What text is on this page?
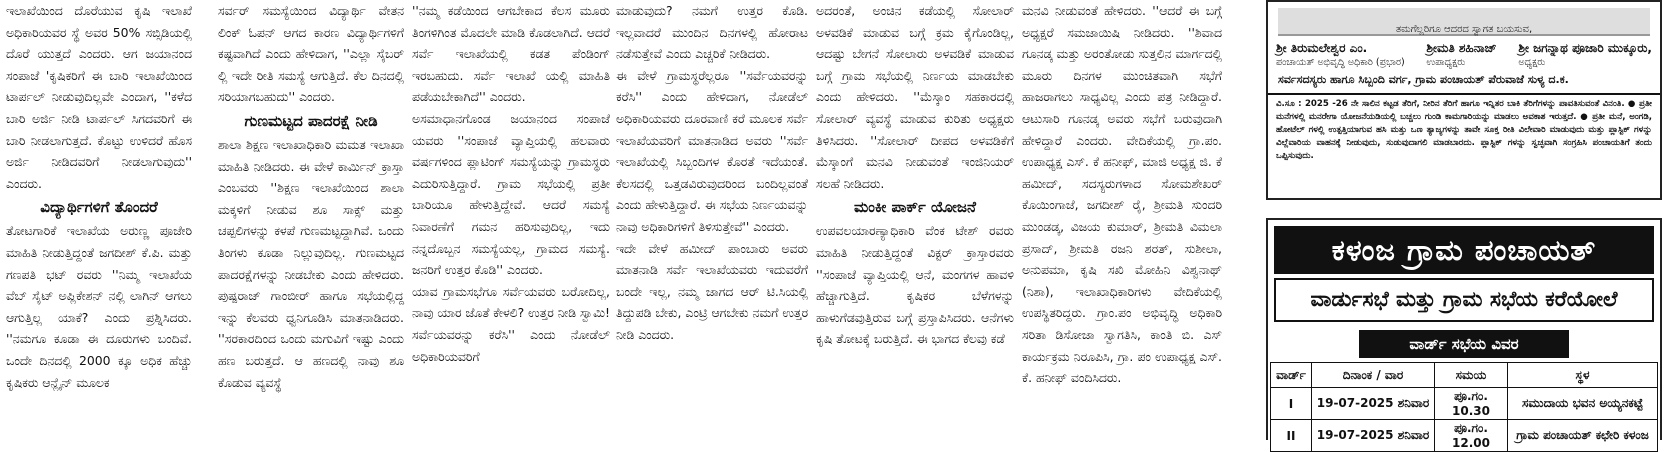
ಇಲಾಖೆಯಿಂದ ದೊರೆಯುವ ಕೃಷಿ ಇಲಾಖೆ ಅಧಿಕಾರಿಯವರ ಸ್ಥೆ ಅವರ 50% ಸಬ್ಸಿಡಿಯಲ್ಲಿ ದೊರೆ ಯುತ್ತದೆ ಎಂದರು. ಆಗ ಜಯಾನಂದ ಸಂಪಾಜೆ 'ಕೃಷಿಕರಿಗೆ ಈ ಬಾರಿ ಇಲಾಖೆಯಿಂದ ಟಾರ್ಪಲ್ ನೀಡುವುದಿಲ್ಲವೇ ಎಂದಾಗ, ''ಕಳೆದ ಬಾರಿ ಅರ್ಜಿ ನೀಡಿ ಟಾರ್ಪಲ್ ಸಿಗದವರಿಗೆ ಈ ಬಾರಿ ನೀಡಲಾಗುತ್ತದೆ. ಕೊಟ್ಟು ಉಳಿದರೆ ಹೊಸ ಅರ್ಜಿ ನೀಡಿದವರಿಗೆ ನೀಡಲಾಗುವುದು'' ಎಂದರು.

ವಿದ್ಯಾರ್ಥಿಗಳಿಗೆ ತೊಂದರೆ

ತೋಟಗಾರಿಕೆ ಇಲಾಖೆಯ ಅರುಣ್ಣ ಪೂಜೇರಿ ಮಾಹಿತಿ ನೀಡುತ್ತಿದ್ದಂತೆ ಜಗದೀಶ್ ಕೆ.ಪಿ. ಮತ್ತು ಗಣಪತಿ ಭಟ್ ರವರು ''ನಿಮ್ಮ ಇಲಾಖೆಯ ವೆಬ್ ಸೈಟ್ ಅಪ್ಲಿಕೇಶನ್ ನಲ್ಲಿ ಲಾಗಿನ್ ಆಗಲು ಆಗುತ್ತಿಲ್ಲ ಯಾಕೆ? ಎಂದು ಪ್ರಶ್ನಿಸಿದರು. ''ನಮಗೂ ಕೂಡಾ ಈ ದೂರುಗಳು ಬಂದಿವೆ. ಒಂದೇ ದಿನದಲ್ಲಿ 2000 ಕ್ಕೂ ಅಧಿಕ ಹೆಚ್ಚು ಕೃಷಿಕರು ಆನ್ಲೈನ್ ಮೂಲಕ

ಸರ್ವರ್ ಸಮಸ್ಯೆಯಿಂದ ವಿದ್ಯಾರ್ಥಿ ವೇತನ ಲಿಂಕ್ ಓಪನ್ ಆಗದ ಕಾರಣ ವಿದ್ಯಾರ್ಥಿಗಳಿಗೆ ಕಷ್ಟವಾಗಿದೆ ಎಂದು ಹೇಳಿದಾಗ, ''ಎಲ್ಲಾ ಸೈಬರ್ ಲ್ಲಿ ಇದೇ ರೀತಿ ಸಮಸ್ಯೆ ಆಗುತ್ತಿದೆ. ಕೆಲ ದಿನದಲ್ಲಿ ಸರಿಯಾಗಬಹುದು'' ಎಂದರು.

ಗುಣಮಟ್ಟದ ಪಾದರಕ್ಷೆ ನೀಡಿ

ಶಾಲಾ ಶಿಕ್ಷಣ ಇಲಾಖಾಧಿಕಾರಿ ಮಮತ ಇಲಾಖಾ ಮಾಹಿತಿ ನೀಡಿದರು. ಈ ವೇಳೆ ಕಾರ್ಮಿನ್ ಕ್ರಾಸ್ತಾ ಎಂಬವರು ''ಶಿಕ್ಷಣ ಇಲಾಖೆಯಿಂದ ಶಾಲಾ ಮಕ್ಕಳಿಗೆ ನೀಡುವ ಶೂ ಸಾಕ್ಸ್ ಮತ್ತು ಚಪ್ಪಲಿಗಳನ್ನು ಕಳಪೆ ಗುಣಮಟ್ಟದ್ದಾಗಿವೆ. ಒಂದು ತಿಂಗಳು ಕೂಡಾ ನಿಲ್ಲುವುದಿಲ್ಲ. ಗುಣಮಟ್ಟದ ಪಾದರಕ್ಷೆಗಳನ್ನು ನೀಡಬೇಕು ಎಂದು ಹೇಳಿದರು. ಪುಷ್ಪರಾಜ್ ಗಾಂಬೀರ್ ಹಾಗೂ ಸಭೆಯಲ್ಲಿದ್ದ ಇನ್ನು ಕೆಲವರು ಧ್ವನಿಗೂಡಿಸಿ ಮಾತನಾಡಿದರು. ''ಸರಕಾರದಿಂದ ಒಂದು ಮಗುವಿಗೆ ಇಷ್ಟು ಎಂದು ಹಣ ಬರುತ್ತದೆ. ಆ ಹಣದಲ್ಲಿ ನಾವು ಶೂ ಕೊಡುವ ವ್ಯವಸ್ಥೆ

''ನಮ್ಮ ಕಡೆಯಿಂದ ಆಗಬೇಕಾದ ಕೆಲಸ ಮೂರು ತಿಂಗಳಿಗಿಂತ ಮೊದಲೇ ಮಾಡಿ ಕೊಡಲಾಗಿದೆ. ಆದರೆ ಸರ್ವೆ ಇಲಾಖೆಯಲ್ಲಿ ಕಡತ ಪೆಂಡಿಂಗ್ ಇರಬಹುದು. ಸರ್ವೆ ಇಲಾಖೆ ಯಲ್ಲಿ ಮಾಹಿತಿ ಪಡೆಯಬೇಕಾಗಿದೆ'' ಎಂದರು.

ಅಸಮಾಧಾನಗೊಂಡ ಜಯಾನಂದ ಸಂಪಾಜೆ ಯವರು ''ಸಂಪಾಜೆ ವ್ಯಾಪ್ತಿಯಲ್ಲಿ ಹಲವಾರು ವರ್ಷಗಳಿಂದ ಪ್ಲಾಟಿಂಗ್ ಸಮಸ್ಯೆಯನ್ನು ಗ್ರಾಮಸ್ಥರು ಎದುರಿಸುತ್ತಿದ್ದಾರೆ. ಗ್ರಾಮ ಸಭೆಯಲ್ಲಿ ಪ್ರತೀ ಬಾರಿಯೂ ಹೇಳುತ್ತಿದ್ದೇವೆ. ಆದರೆ ಸಮಸ್ಯೆ ನಿವಾರಣೆಗೆ ಗಮನ ಹರಿಸುವುದಿಲ್ಲ, ಇದು ನನ್ನದೊಬ್ಬನ ಸಮಸ್ಯೆಯಲ್ಲ, ಗ್ರಾಮದ ಸಮಸ್ಯೆ. ಜನರಿಗೆ ಉತ್ತರ ಕೊಡಿ'' ಎಂದರು.

ಯಾವ ಗ್ರಾಮಸಭೆಗೂ ಸರ್ವೆಯವರು ಬರೋದಿಲ್ಲ, ನಾವು ಯಾರ ಜೊತೆ ಕೇಳಲಿ? ಉತ್ತರ ನೀಡಿ ಸ್ವಾಮಿ! ಸರ್ವೆಯವರನ್ನು ಕರೆಸಿ'' ಎಂದು ನೋಡೆಲ್ ಅಧಿಕಾರಿಯವರಿಗೆ

ಮಾಡುವುದು? ನಮಗೆ ಉತ್ತರ ಕೊಡಿ. ಇಲ್ಲವಾದರೆ ಮುಂದಿನ ದಿನಗಳಲ್ಲಿ ಹೋರಾಟ ನಡೆಸುತ್ತೇವೆ ಎಂದು ಎಚ್ಚರಿಕೆ ನೀಡಿದರು.

ಈ ವೇಳೆ ಗ್ರಾಮಸ್ಥರೆಲ್ಲರೂ ''ಸರ್ವೆಯವರನ್ನು ಕರೆಸಿ'' ಎಂದು ಹೇಳಿದಾಗ, ನೋಡೆಲ್ ಅಧಿಕಾರಿಯವರು ದೂರವಾಣಿ ಕರೆ ಮೂಲಕ ಸರ್ವೆ ಇಲಾಖೆಯವರಿಗೆ ಮಾತನಾಡಿದ ಅವರು ''ಸರ್ವೆ ಇಲಾಖೆಯಲ್ಲಿ ಸಿಬ್ಬಂದಿಗಳ ಕೊರತೆ ಇದೆಯಂತೆ. ಕೆಲಸದಲ್ಲಿ ಒತ್ತಡವಿರುವುದರಿಂದ ಬಂದಿಲ್ಲವಂತೆ ಎಂದು ಹೇಳುತ್ತಿದ್ದಾರೆ. ಈ ಸಭೆಯ ನಿರ್ಣಯವನ್ನು ನಾವು ಅಧಿಕಾರಿಗಳಿಗೆ ತಿಳಿಸುತ್ತೇವೆ'' ಎಂದರು.

ಇದೇ ವೇಳೆ ಹಮೀದ್ ಪಾಂಬಾರು ಅವರು ಮಾತನಾಡಿ ಸರ್ವೆ ಇಲಾಖೆಯವರು ಇದುವರೆಗೆ ಬಂದೇ ಇಲ್ಲ, ನಮ್ಮ ಜಾಗದ ಆರ್ ಟಿ.ಸಿಯಲ್ಲಿ ತಿದ್ದುಪಡಿ ಬೇಕು, ಎಂಟ್ರಿ ಆಗಬೇಕು ನಮಗೆ ಉತ್ತರ ನೀಡಿ ಎಂದರು.

ಅದರಂತೆ, ಅಂಚಿನ ಕಡೆಯಲ್ಲಿ ಸೋಲಾರ್ ಅಳವಡಿಕೆ ಮಾಡುವ ಬಗ್ಗೆ ಕ್ರಮ ಕೈಗೊಂಡಿಲ್ಲ, ಆದಷ್ಟು ಬೇಗನೆ ಸೋಲಾರು ಅಳವಡಿಕೆ ಮಾಡುವ ಬಗ್ಗೆ ಗ್ರಾಮ ಸಭೆಯಲ್ಲಿ ನಿರ್ಣಯ ಮಾಡಬೇಕು ಎಂದು ಹೇಳಿದರು. ''ಮೆಸ್ಕಾಂ ಸಹಕಾರದಲ್ಲಿ ಸೋಲಾರ್ ವ್ಯವಸ್ಥೆ ಮಾಡುವ ಕುರಿತು ಅಧ್ಯಕ್ಷರು ತಿಳಿಸಿದರು. ''ಸೋಲಾರ್ ದೀಪದ ಅಳವಡಿಕೆಗೆ ಮೆಸ್ಕಾಂಗೆ ಮನವಿ ನೀಡುವಂತೆ ಇಂಜಿನಿಯರ್ ಸಲಹೆ ನೀಡಿದರು.

ಮಂಕೀ ಪಾರ್ಕ್ ಯೋಜನೆ

ಉಪವಲಯಾರಣ್ಯಾಧಿಕಾರಿ ವೆಂಕ ಟೇಶ್ ರವರು ಮಾಹಿತಿ ನೀಡುತ್ತಿದ್ದಂತೆ ವಿಕ್ಟರ್ ಕ್ರಾಸ್ತಾರವರು ''ಸಂಪಾಜೆ ವ್ಯಾಪ್ತಿಯಲ್ಲಿ ಆನೆ, ಮಂಗಗಳ ಹಾವಳಿ ಹೆಚ್ಚಾಗುತ್ತಿದೆ. ಕೃಷಿಕರ ಬೆಳೆಗಳನ್ನು ಹಾಳುಗೆಡವುತ್ತಿರುವ ಬಗ್ಗೆ ಪ್ರಸ್ತಾಪಿಸಿದರು. ಆನೆಗಳು ಕೃಷಿ ತೋಟಕ್ಕೆ ಬರುತ್ತಿದೆ. ಈ ಭಾಗದ ಕೆಲವು ಕಡೆ

ಮನವಿ ನೀಡುವಂತೆ ಹೇಳಿದರು. ''ಆದರೆ ಈ ಬಗ್ಗೆ ಅಧ್ಯಕ್ಷರೆ ಸಮಜಾಯಿಷಿ ನೀಡಿದರು. ''ಶಿವಾದ ಗೂನಡ್ಕ ಮತ್ತು ಅರಂತೋಡು ಸುತ್ತಲಿನ ಮಾರ್ಗದಲ್ಲಿ ಮೂರು ದಿನಗಳ ಮುಂಚಿತವಾಗಿ ಸಭೆಗೆ ಹಾಜರಾಗಲು ಸಾಧ್ಯವಿಲ್ಲ ಎಂದು ಪತ್ರ ನೀಡಿದ್ದಾರೆ. ಆಟುಸಾರಿ ಗೂನಡ್ಕ ಅವರು ಸಭೆಗೆ ಬರುವುದಾಗಿ ಹೇಳಿದ್ದಾರೆ ಎಂದರು. ವೇದಿಕೆಯಲ್ಲಿ ಗ್ರಾ.ಪಂ. ಉಪಾಧ್ಯಕ್ಷ ಎಸ್. ಕೆ ಹನೀಫ್, ಮಾಜಿ ಅಧ್ಯಕ್ಷ ಜಿ. ಕೆ ಹಮೀದ್, ಸದಸ್ಯರುಗಳಾದ ಸೋಮಶೇಖರ್ ಕೊಯಿಂಗಾಜೆ, ಜಗದೀಶ್ ರೈ, ಶ್ರೀಮತಿ ಸುಂದರಿ ಮುಂಡಡ್ಕ, ವಿಜಯ ಕುಮಾರ್, ಶ್ರೀಮತಿ ವಿಮಲಾ ಪ್ರಸಾದ್, ಶ್ರೀಮತಿ ರಜನಿ ಶರತ್, ಸುಶೀಲಾ, ಅನುಪಮಾ, ಕೃಷಿ ಸಖಿ ಮೋಹಿನಿ ವಿಶ್ವನಾಥ್ (ನಿಶಾ), ಇಲಾಖಾಧಿಕಾರಿಗಳು ವೇದಿಕೆಯಲ್ಲಿ ಉಪಸ್ಥಿತರಿದ್ದರು. ಗ್ರಾಂ.ಪಂ ಅಭಿವೃದ್ಧಿ ಅಧಿಕಾರಿ ಸರಿತಾ ಡಿಸೋಜಾ ಸ್ವಾಗತಿಸಿ, ಕಾಂತಿ ಬಿ. ಎಸ್ ಕಾರ್ಯಕ್ರಮ ನಿರೂಪಿಸಿ, ಗ್ರಾ. ಪಂ ಉಪಾಧ್ಯಕ್ಷ ಎಸ್. ಕೆ. ಹನೀಫ್ ವಂದಿಸಿದರು.

ತಮಗೆಲ್ಲರಿಗೂ ಆದರದ ಸ್ವಾಗತ ಬಯಸುವ,
ಶ್ರೀ ತಿರುಮಲೇಶ್ವರ ಎಂ.
ಪಂಚಾಯತ್ ಅಭಿವೃದ್ಧಿ ಅಧಿಕಾರಿ (ಪ್ರಭಾರ)
ಶ್ರೀಮತಿ ಶಹಿನಾಜ್
ಉಪಾಧ್ಯಕ್ಷರು
ಶ್ರೀ ಜಗನ್ನಾಥ ಪೂಜಾರಿ ಮುಕ್ಕೂರು,
ಅಧ್ಯಕ್ಷರು
ಸರ್ವಸದಸ್ಯರು ಹಾಗೂ ಸಿಬ್ಬಂದಿ ವರ್ಗ, ಗ್ರಾಮ ಪಂಚಾಯತ್ ಪೆರುವಾಜೆ ಸುಳ್ಯ ದ.ಕ.
ವಿ.ಸೂ : 2025 -26 ನೇ ಸಾಲಿನ ಕಟ್ಟಡ ತೆರಿಗೆ, ನೀರಿನ ತೆರಿಗೆ ಹಾಗೂ ಇನ್ನಿತರ ಬಾಕಿ ತೆರಿಗೆಗಳನ್ನು ಪಾವತಿಸುವಂತೆ ವಿನಂತಿ. ● ಪ್ರತೀ ಮನೆಗಳಲ್ಲಿ ಮನರೇಗಾ ಯೋಜನೆಯಡಿಯಲ್ಲಿ ಬಚ್ಚಲು ಗುಂಡಿ ಕಾಮಗಾರಿಯನ್ನು ಮಾಡಲು ಅವಕಾಶ ಇರುತ್ತದೆ. ● ಪ್ರತೀ ಮನೆ, ಅಂಗಡಿ, ಹೋಟೆಲ್ ಗಳಲ್ಲಿ ಉತ್ಪತ್ತಿಯಾಗುವ ಹಸಿ ಮತ್ತು ಒಣ ತ್ಯಾಜ್ಯಗಳನ್ನು ತಾವೇ ಸೂಕ್ತ ರೀತಿ ವಿಲೇವಾರಿ ಮಾಡುವುದು ಮತ್ತು ಪ್ಲಾಸ್ಟಿಕ್ ಗಳನ್ನು ವಿಲ್ಲೆವಾರಿಯ ವಾಹನಕ್ಕೆ ನೀಡುವುದು, ಸುಡುವುದಾಗಲಿ ಮಾಡಬಾರದು. ಪ್ಲಾಸ್ಟಿಕ್ ಗಳನ್ನು ಸ್ವಚ್ಛವಾಗಿ ಸಂಗ್ರಹಿಸಿ ಪಂಚಾಯತಿಗೆ ತಂದು ಒಪ್ಪಿಸುವುದು.
ಕಳಂಜ ಗ್ರಾಮ ಪಂಚಾಯತ್
ವಾರ್ಡುಸಭೆ ಮತ್ತು ಗ್ರಾಮ ಸಭೆಯ ಕರೆಯೋಲೆ
ವಾರ್ಡ್ ಸಭೆಯ ವಿವರ
ವಾರ್ಡ್	ದಿನಾಂಕ / ವಾರ	ಸಮಯ	ಸ್ಥಳ
I	19-07-2025 ಶನಿವಾರ	ಪೂ.ಗಂ. 10.30	ಸಮುದಾಯ ಭವನ ಅಯ್ಯನಕಟ್ಟೆ
II	19-07-2025 ಶನಿವಾರ	ಪೂ.ಗಂ. 12.00	ಗ್ರಾಮ ಪಂಚಾಯತ್ ಕಛೇರಿ ಕಳಂಜ
